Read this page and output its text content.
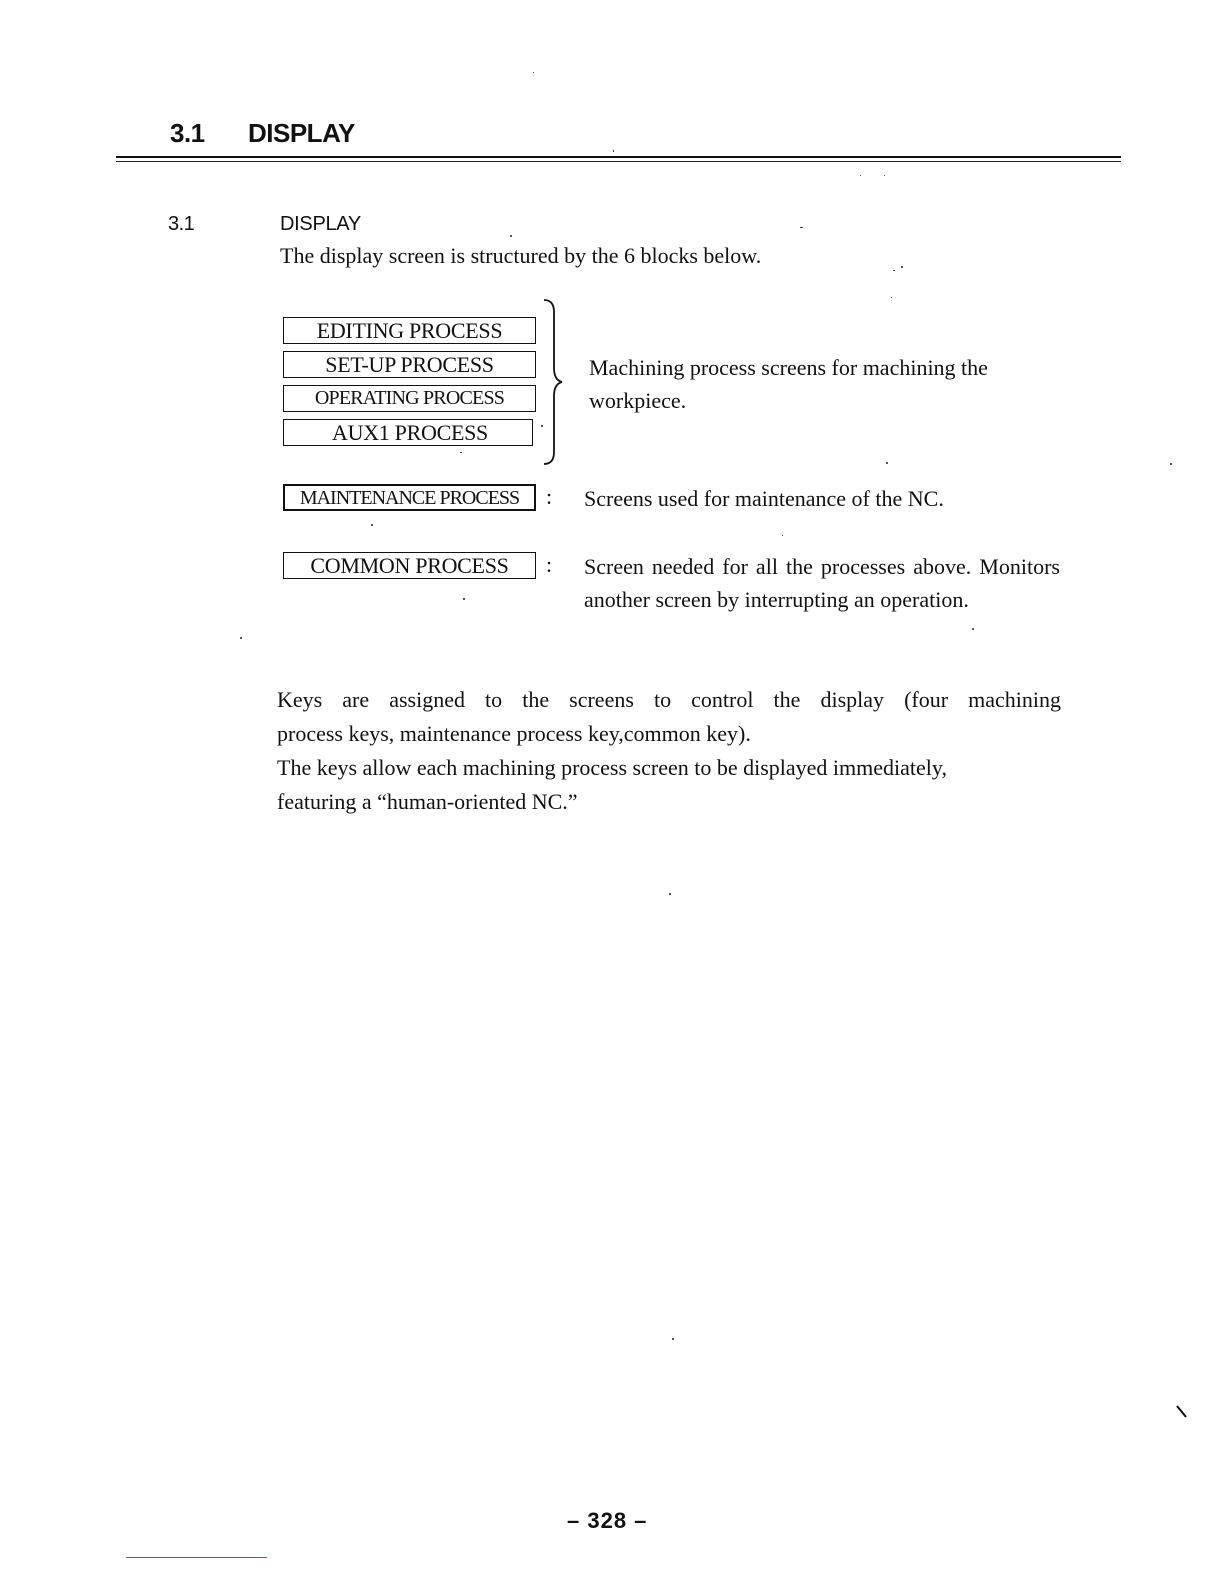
3.1 DISPLAY
3.1	DISPLAY
The display screen is structured by the 6 blocks below.
EDITING PROCESS
SET-UP PROCESS
OPERATING PROCESS
AUX1 PROCESS
Machining process screens for machining the workpiece.
MAINTENANCE PROCESS	: Screens used for maintenance of the NC.
COMMON PROCESS	: Screen needed for all the processes above. Monitors another screen by interrupting an operation.

Keys are assigned to the screens to control the display (four machining

process keys, maintenance process key,common key).

The keys allow each machining process screen to be displayed immediately,

featuring a “human-oriented NC.”

– 328 –
